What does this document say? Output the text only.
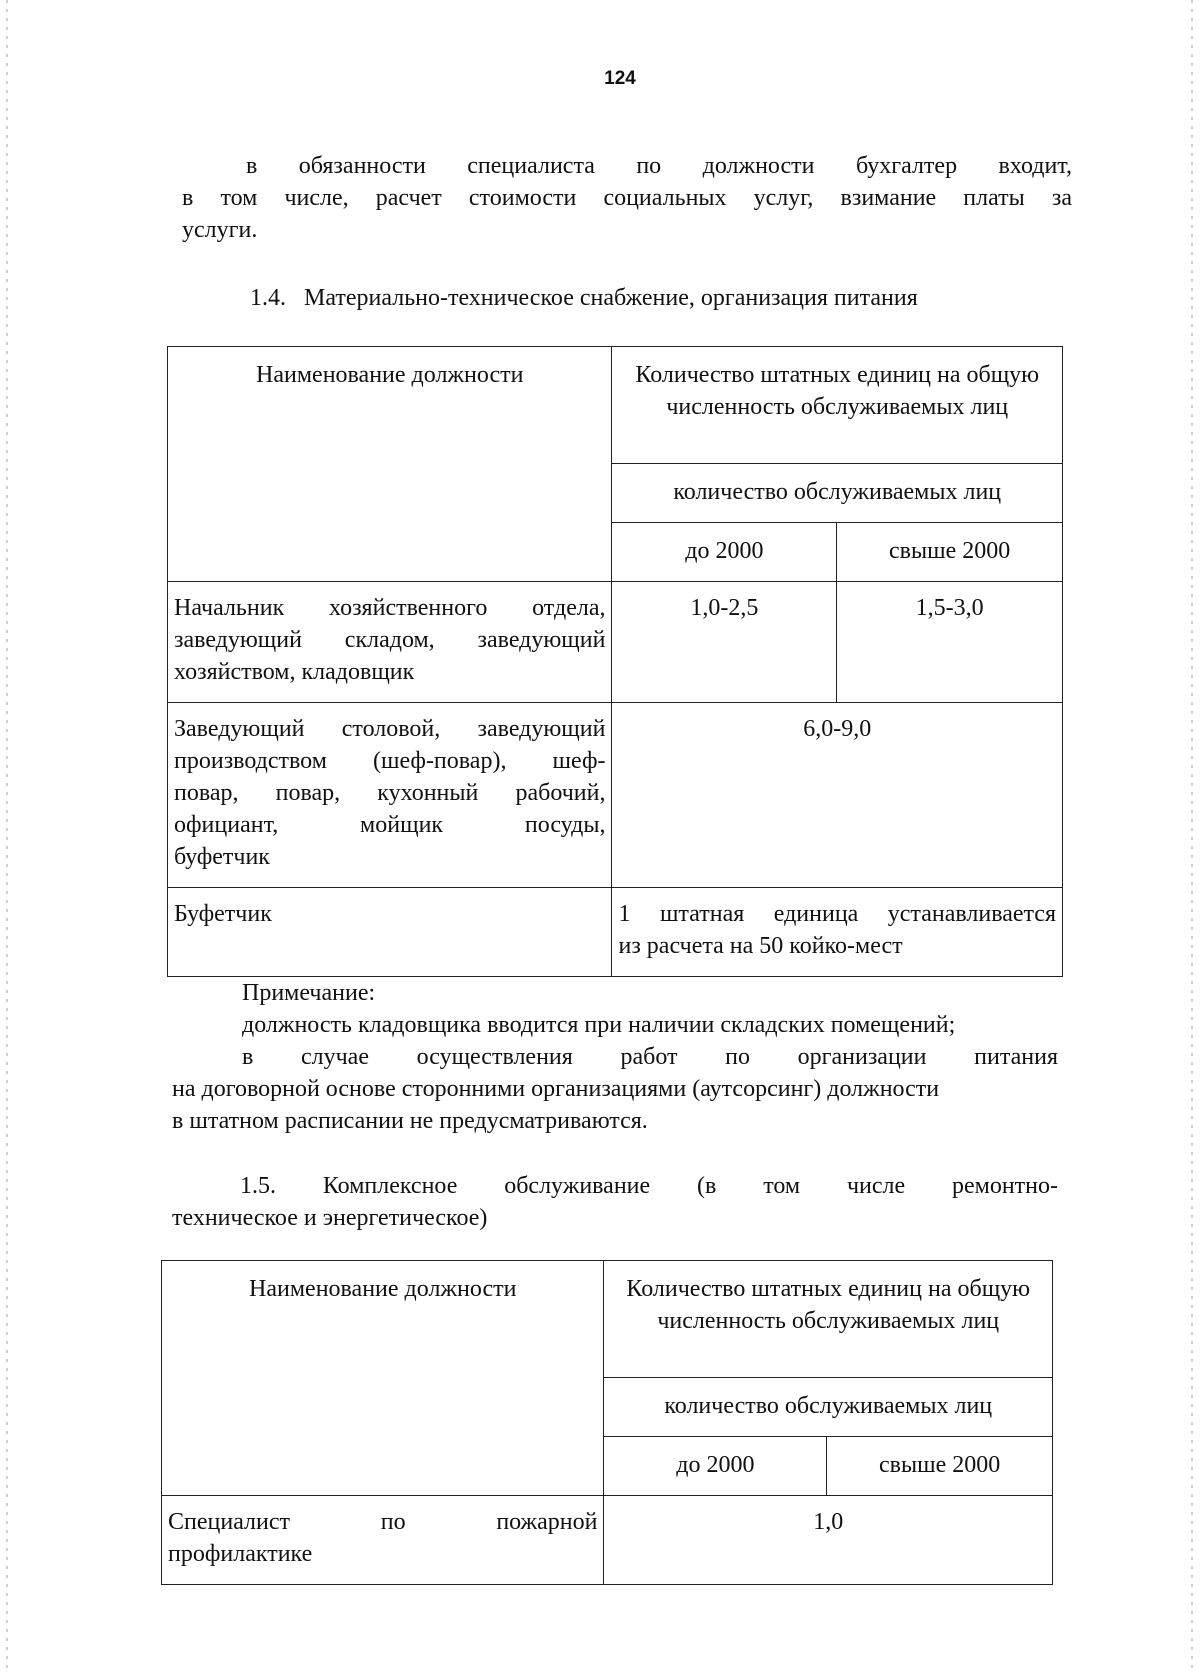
124
в обязанности специалиста по должности бухгалтер входит,
в том числе, расчет стоимости социальных услуг, взимание платы за
услуги.
1.4.   Материально-техническое снабжение, организация питания
Наименование должности	Количество штатных единиц на общую численность обслуживаемых лиц	
	количество обслуживаемых лиц	
	до 2000	свыше 2000

Начальник хозяйственного отдела,
заведующий складом, заведующий
хозяйством, кладовщик	1,0-2,5	1,5-3,0

Заведующий столовой, заведующий
производством (шеф-повар), шеф-
повар, повар, кухонный рабочий,
официант, мойщик посуды,
буфетчик	6,0-9,0	

Буфетчик	1 штатная единица устанавливается
из расчета на 50 койко-мест	
Примечание:
должность кладовщика вводится при наличии складских помещений;
в случае осуществления работ по организации питания
на договорной основе сторонними организациями (аутсорсинг) должности
в штатном расписании не предусматриваются.
1.5. Комплексное обслуживание (в том числе ремонтно-
техническое и энергетическое)
Наименование должности	Количество штатных единиц на общую численность обслуживаемых лиц	
	количество обслуживаемых лиц	
	до 2000	свыше 2000

Специалист по пожарной
профилактике	1,0	
